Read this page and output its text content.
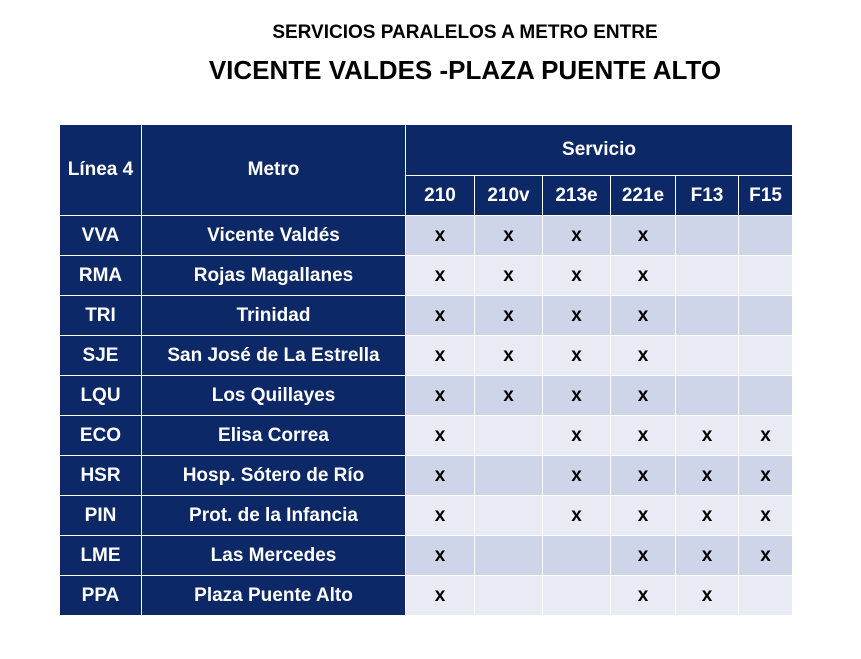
SERVICIOS PARALELOS A METRO ENTRE
VICENTE VALDES -PLAZA PUENTE ALTO
Línea 4	Metro	Servicio					
		210	210v	213e	221e	F13	F15
VVA	Vicente Valdés	x	x	x	x		
RMA	Rojas Magallanes	x	x	x	x		
TRI	Trinidad	x	x	x	x		
SJE	San José de La Estrella	x	x	x	x		
LQU	Los Quillayes	x	x	x	x		
ECO	Elisa Correa	x		x	x	x	x
HSR	Hosp. Sótero de Río	x		x	x	x	x
PIN	Prot. de la Infancia	x		x	x	x	x
LME	Las Mercedes	x			x	x	x
PPA	Plaza Puente Alto	x			x	x	
